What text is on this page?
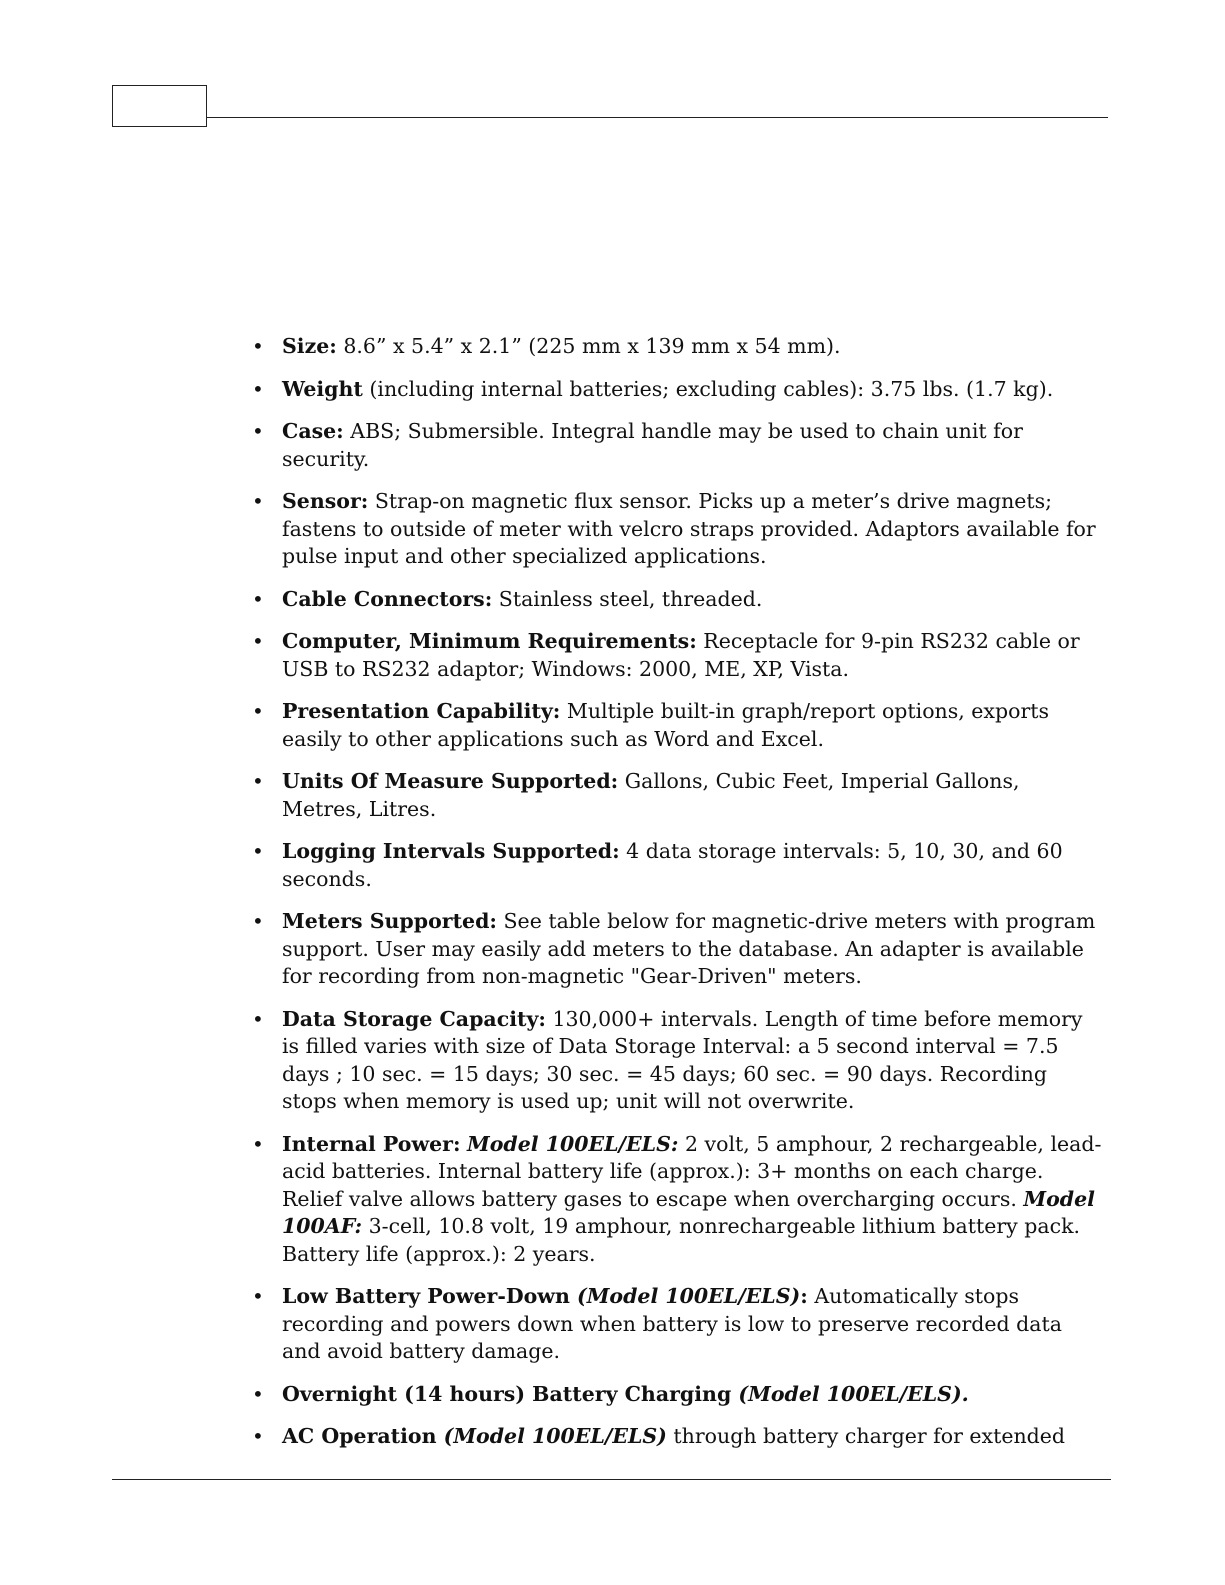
• Size: 8.6” x 5.4” x 2.1” (225 mm x 139 mm x 54 mm).
• Weight (including internal batteries; excluding cables): 3.75 lbs. (1.7 kg).
• Case: ABS; Submersible. Integral handle may be used to chain unit for security.
• Sensor: Strap-on magnetic flux sensor. Picks up a meter’s drive magnets; fastens to outside of meter with velcro straps provided. Adaptors available for pulse input and other specialized applications.
• Cable Connectors: Stainless steel, threaded.
• Computer, Minimum Requirements: Receptacle for 9-pin RS232 cable or USB to RS232 adaptor; Windows: 2000, ME, XP, Vista.
• Presentation Capability: Multiple built-in graph/report options, exports easily to other applications such as Word and Excel.
• Units Of Measure Supported: Gallons, Cubic Feet, Imperial Gallons, Metres, Litres.
• Logging Intervals Supported: 4 data storage intervals: 5, 10, 30, and 60 seconds.
• Meters Supported: See table below for magnetic-drive meters with program support. User may easily add meters to the database. An adapter is available for recording from non-magnetic "Gear-Driven" meters.
• Data Storage Capacity: 130,000+ intervals. Length of time before memory is filled varies with size of Data Storage Interval: a 5 second interval = 7.5 days ; 10 sec. = 15 days; 30 sec. = 45 days; 60 sec. = 90 days. Recording stops when memory is used up; unit will not overwrite.
• Internal Power: Model 100EL/ELS: 2 volt, 5 amphour, 2 rechargeable, lead-acid batteries. Internal battery life (approx.): 3+ months on each charge. Relief valve allows battery gases to escape when overcharging occurs. Model 100AF: 3-cell, 10.8 volt, 19 amphour, nonrechargeable lithium battery pack. Battery life (approx.): 2 years.
• Low Battery Power-Down (Model 100EL/ELS): Automatically stops recording and powers down when battery is low to preserve recorded data and avoid battery damage.
• Overnight (14 hours) Battery Charging (Model 100EL/ELS).
• AC Operation (Model 100EL/ELS) through battery charger for extended
